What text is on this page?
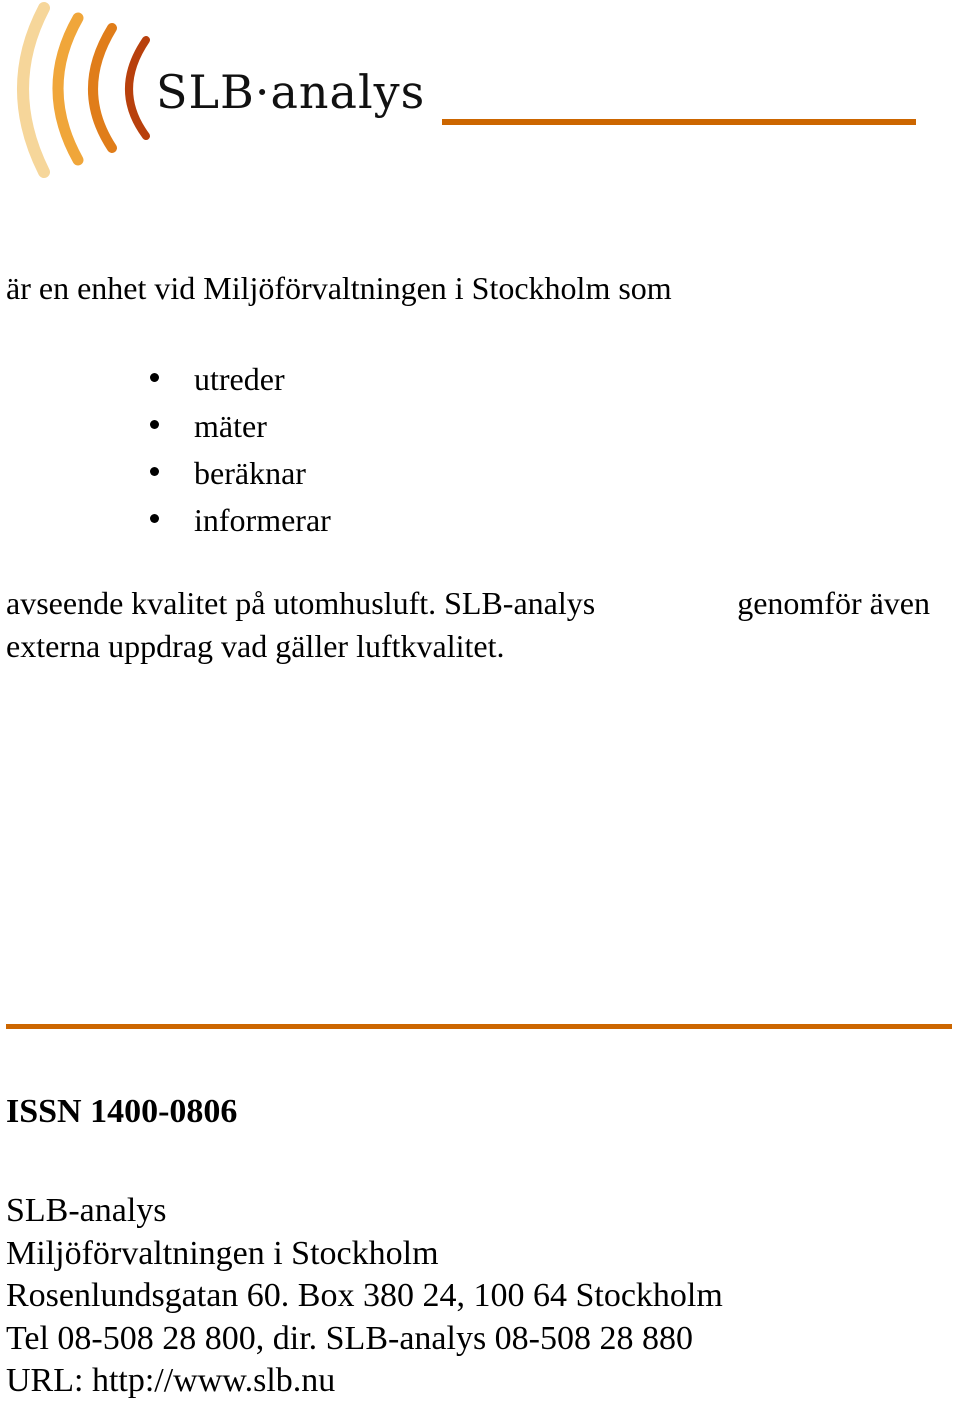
SLB·analys

är en enhet vid Miljöförvaltningen i Stockholm som

utreder
mäter
beräknar
informerar
avseende kvalitet på utomhusluft. SLB-analys	genomför även
externa uppdrag vad gäller luftkvalitet.

ISSN 1400-0806

SLB-analys
Miljöförvaltningen i Stockholm
Rosenlundsgatan 60. Box 380 24, 100 64 Stockholm
Tel 08-508 28 800, dir. SLB-analys 08-508 28 880
URL: http://www.slb.nu
